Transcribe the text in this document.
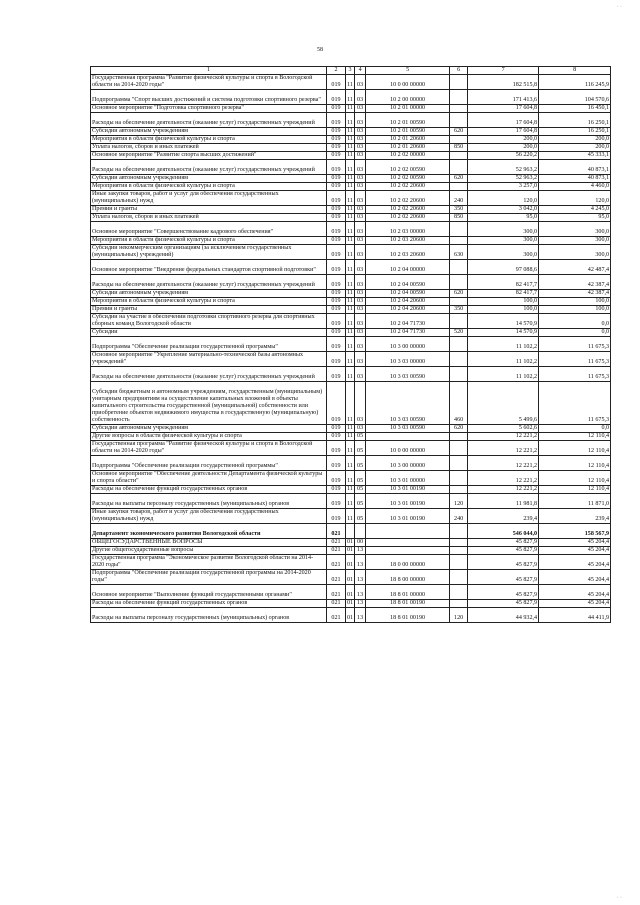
58
· ·
· ·
1	2	3	4	5	6	7	8
Государственная программа "Развитие физической культуры и спорта в Вологодской области на 2014-2020 годы"	019	11	03	10 0 00 00000		182 515,8	116 245,9
Подпрограмма "Спорт высших достижений и система подготовки спортивного резерва"	019	11	03	10 2 00 00000		171 413,6	104 570,6
Основное мероприятие "Подготовка спортивного резерва"	019	11	03	10 2 01 00000		17 604,8	16 450,1
Расходы на обеспечение деятельности (оказание услуг) государственных учреждений	019	11	03	10 2 01 00590		17 604,8	16 250,1
Субсидии автономным учреждениям	019	11	03	10 2 01 00590	620	17 604,8	16 250,1
Мероприятия в области физической культуры и спорта	019	11	03	10 2 01 20600		200,0	200,0
Уплата налогов, сборов и иных платежей	019	11	03	10 2 01 20600	850	200,0	200,0
Основное мероприятие "Развитие спорта высших достижений"	019	11	03	10 2 02 00000		56 220,2	45 333,1
Расходы на обеспечение деятельности (оказание услуг) государственных учреждений	019	11	03	10 2 02 00590		52 963,2	40 873,1
Субсидии автономным учреждениям	019	11	03	10 2 02 00590	620	52 963,2	40 873,1
Мероприятия в области физической культуры и спорта	019	11	03	10 2 02 20600		3 257,0	4 460,0
Иные закупки товаров, работ и услуг для обеспечения государственных (муниципальных) нужд	019	11	03	10 2 02 20600	240	120,0	120,0
Премии и гранты	019	11	03	10 2 02 20600	350	3 042,0	4 245,0
Уплата налогов, сборов и иных платежей	019	11	03	10 2 02 20600	850	95,0	95,0
Основное мероприятие "Совершенствование кадрового обеспечения"	019	11	03	10 2 03 00000		300,0	300,0
Мероприятия в области физической культуры и спорта	019	11	03	10 2 03 20600		300,0	300,0
Субсидии некоммерческим организациям (за исключением государственных (муниципальных) учреждений)	019	11	03	10 2 03 20600	630	300,0	300,0
Основное мероприятие "Внедрение федеральных стандартов спортивной подготовки"	019	11	03	10 2 04 00000		97 088,6	42 487,4
Расходы на обеспечение деятельности (оказание услуг) государственных учреждений	019	11	03	10 2 04 00590		82 417,7	42 387,4
Субсидии автономным учреждениям	019	11	03	10 2 04 00590	620	82 417,7	42 387,4
Мероприятия в области физической культуры и спорта	019	11	03	10 2 04 20600		100,0	100,0
Премии и гранты	019	11	03	10 2 04 20600	350	100,0	100,0
Субсидии на участие в обеспечении подготовки спортивного резерва для спортивных сборных команд Вологодской области	019	11	03	10 2 04 71730		14 570,9	0,0
Субсидии	019	11	03	10 2 04 71730	520	14 570,9	0,0
Подпрограмма "Обеспечение реализации государственной программы"	019	11	03	10 3 00 00000		11 102,2	11 675,3
Основное мероприятие "Укрепление материально-технической базы автономных учреждений"	019	11	03	10 3 03 00000		11 102,2	11 675,3
Расходы на обеспечение деятельности (оказание услуг) государственных учреждений	019	11	03	10 3 03 00590		11 102,2	11 675,3
Субсидии бюджетным и автономным учреждениям, государственным (муниципальным) унитарным предприятиям на осуществление капитальных вложений в объекты капитального строительства государственной (муниципальной) собственности или приобретение объектов недвижимого имущества в государственную (муниципальную) собственность	019	11	03	10 3 03 00590	460	5 499,6	11 675,3
Субсидии автономным учреждениям	019	11	03	10 3 03 00590	620	5 602,6	0,0
Другие вопросы в области физической культуры и спорта	019	11	05			12 221,2	12 110,4
Государственная программа "Развитие физической культуры и спорта в Вологодской области на 2014-2020 годы"	019	11	05	10 0 00 00000		12 221,2	12 110,4
Подпрограмма "Обеспечение реализации государственной программы"	019	11	05	10 3 00 00000		12 221,2	12 110,4
Основное мероприятие "Обеспечение деятельности Департамента физической культуры и спорта области"	019	11	05	10 3 01 00000		12 221,2	12 110,4
Расходы на обеспечение функций государственных органов	019	11	05	10 3 01 00190		12 221,2	12 110,4
Расходы на выплаты персоналу государственных (муниципальных) органов	019	11	05	10 3 01 00190	120	11 981,8	11 871,0
Иные закупки товаров, работ и услуг для обеспечения государственных (муниципальных) нужд	019	11	05	10 3 01 00190	240	239,4	239,4
Департамент экономического развития Вологодской области	021					546 044,0	158 567,9
ОБЩЕГОСУДАРСТВЕННЫЕ ВОПРОСЫ	021	01	00			45 827,9	45 204,4
Другие общегосударственные вопросы	021	01	13			45 827,9	45 204,4
Государственная программа "Экономическое развитие Вологодской области на 2014-2020 годы"	021	01	13	18 0 00 00000		45 827,9	45 204,4
Подпрограмма "Обеспечение реализации государственной программы на 2014-2020 годы"	021	01	13	18 8 00 00000		45 827,9	45 204,4
Основное мероприятие "Выполнение функций государственными органами"	021	01	13	18 8 01 00000		45 827,9	45 204,4
Расходы на обеспечение функций государственных органов	021	01	13	18 8 01 00190		45 827,9	45 204,4
Расходы на выплаты персоналу государственных (муниципальных) органов	021	01	13	18 8 01 00190	120	44 932,4	44 411,9
